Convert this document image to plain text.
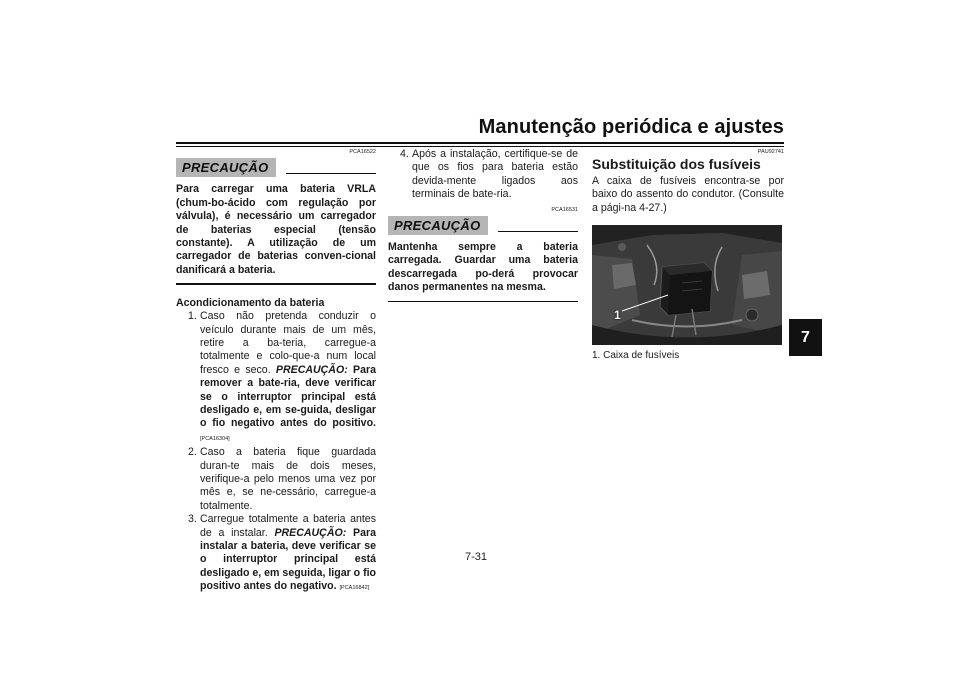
Manutenção periódica e ajustes
7
PCA16522
PRECAUÇÃO

Para carregar uma bateria VRLA (chum-bo-ácido com regulação por válvula), é necessário um carregador de baterias especial (tensão constante). A utilização de um carregador de baterias conven-cional danificará a bateria.

Acondicionamento da bateria

1. Caso não pretenda conduzir o veículo durante mais de um mês, retire a ba-teria, carregue-a totalmente e colo-que-a num local fresco e seco. PRECAUÇÃO: Para remover a bate-ria, deve verificar se o interruptor principal está desligado e, em se-guida, desligar o fio negativo antes do positivo. [PCA16304]
2. Caso a bateria fique guardada duran-te mais de dois meses, verifique-a pelo menos uma vez por mês e, se ne-cessário, carregue-a totalmente.
3. Carregue totalmente a bateria antes de a instalar. PRECAUÇÃO: Para instalar a bateria, deve verificar se o interruptor principal está desligado e, em seguida, ligar o fio positivo antes do negativo. [PCA16842]
4. Após a instalação, certifique-se de que os fios para bateria estão devida-mente ligados aos terminais de bate-ria.
PCA16531
PRECAUÇÃO

Mantenha sempre a bateria carregada. Guardar uma bateria descarregada po-derá provocar danos permanentes na mesma.

PAU92741

Substituição dos fusíveis

A caixa de fusíveis encontra-se por baixo do assento do condutor. (Consulte a pági-na 4-27.)

1

1. Caixa de fusíveis

7-31
